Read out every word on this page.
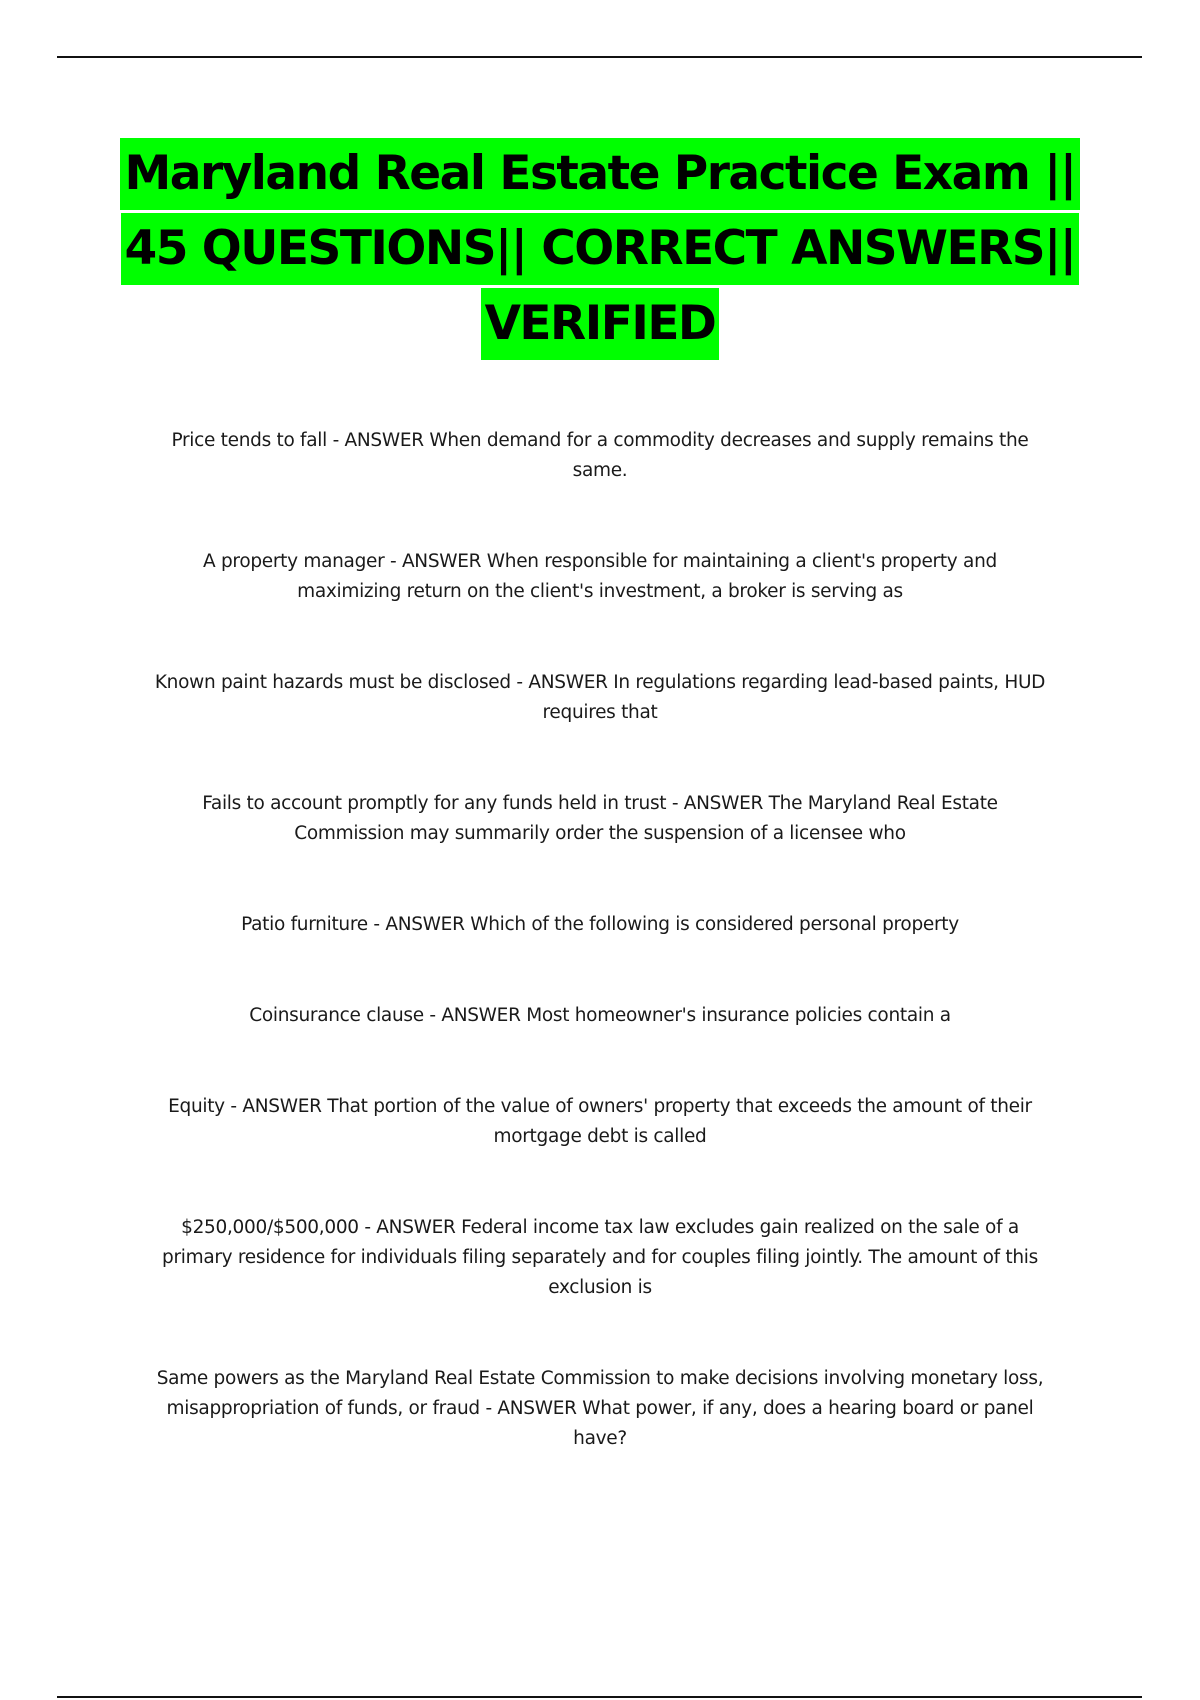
Maryland Real Estate Practice Exam ||
45 QUESTIONS|| CORRECT ANSWERS||
VERIFIED
Price tends to fall - ANSWER When demand for a commodity decreases and supply remains the same.
A property manager - ANSWER When responsible for maintaining a client's property and maximizing return on the client's investment, a broker is serving as
Known paint hazards must be disclosed - ANSWER In regulations regarding lead-based paints, HUD requires that
Fails to account promptly for any funds held in trust - ANSWER The Maryland Real Estate Commission may summarily order the suspension of a licensee who
Patio furniture - ANSWER Which of the following is considered personal property
Coinsurance clause - ANSWER Most homeowner's insurance policies contain a
Equity - ANSWER That portion of the value of owners' property that exceeds the amount of their mortgage debt is called
$250,000/$500,000 - ANSWER Federal income tax law excludes gain realized on the sale of a primary residence for individuals filing separately and for couples filing jointly. The amount of this exclusion is
Same powers as the Maryland Real Estate Commission to make decisions involving monetary loss, misappropriation of funds, or fraud - ANSWER What power, if any, does a hearing board or panel have?
